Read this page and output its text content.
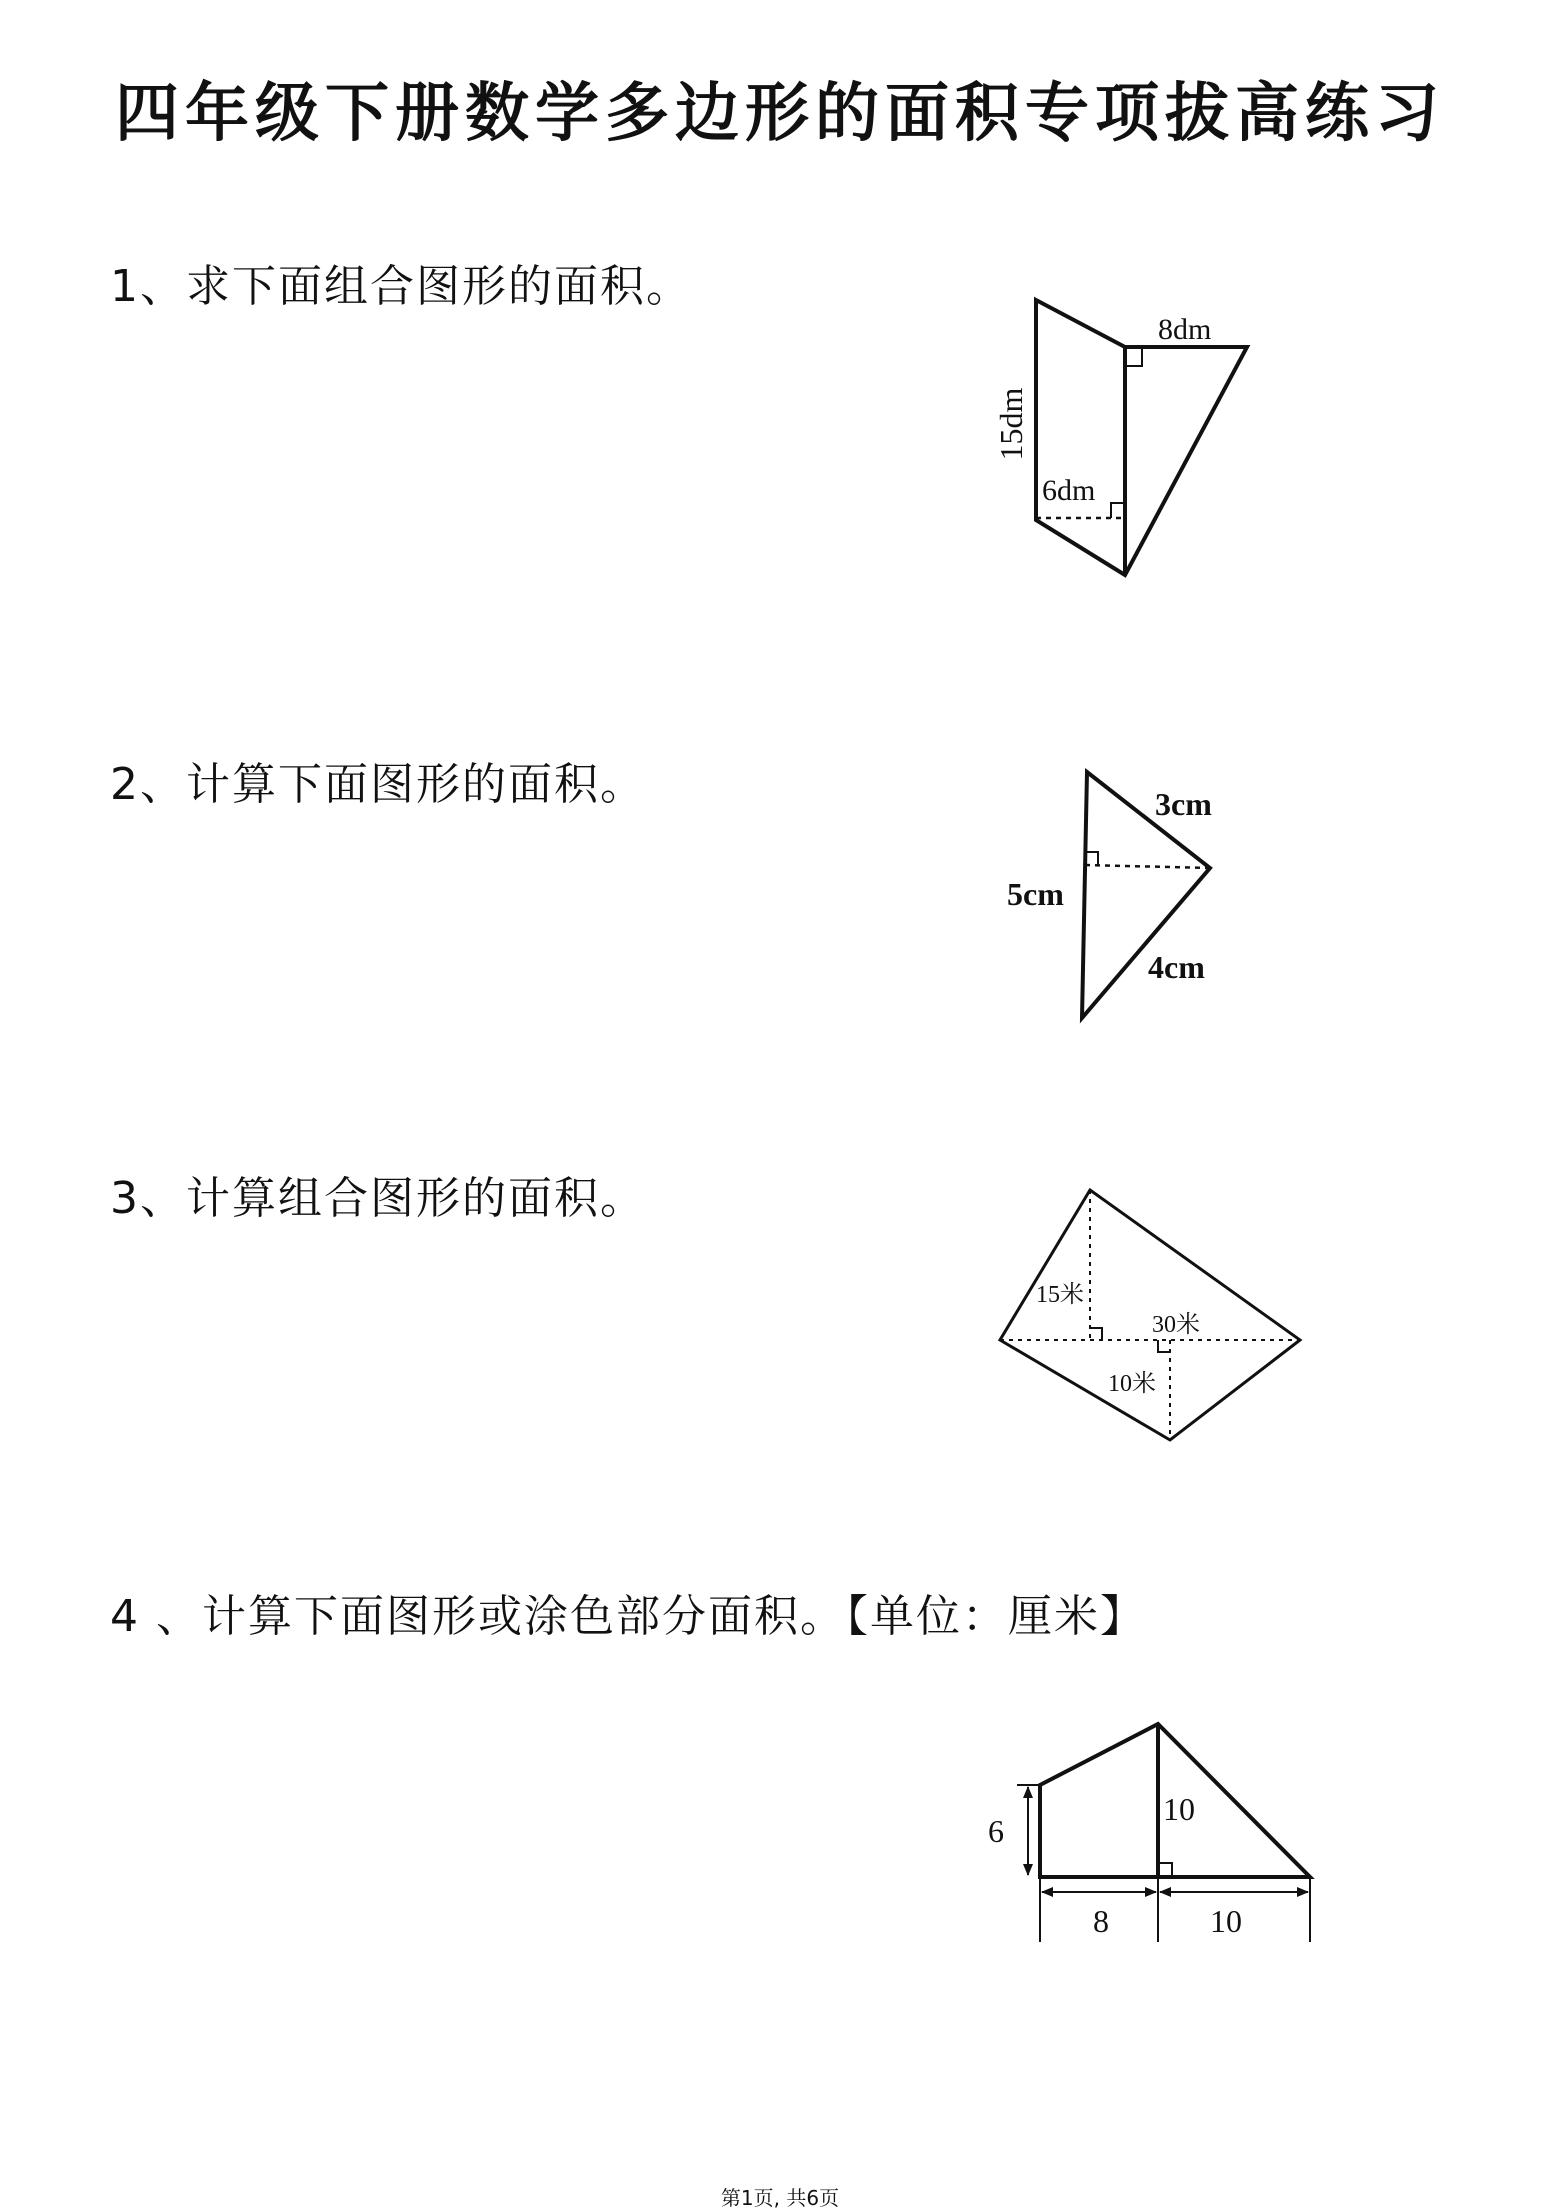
四年级下册数学多边形的面积专项拔高练习
1、求下面组合图形的面积。
8dm
15dm
6dm
2、计算下面图形的面积。	3cm
5cm
4cm
3、计算组合图形的面积。
15米
30米
10米
4 、计算下面图形或涂色部分面积。【单位：厘米】
6
10
8	10
第1页, 共6页
